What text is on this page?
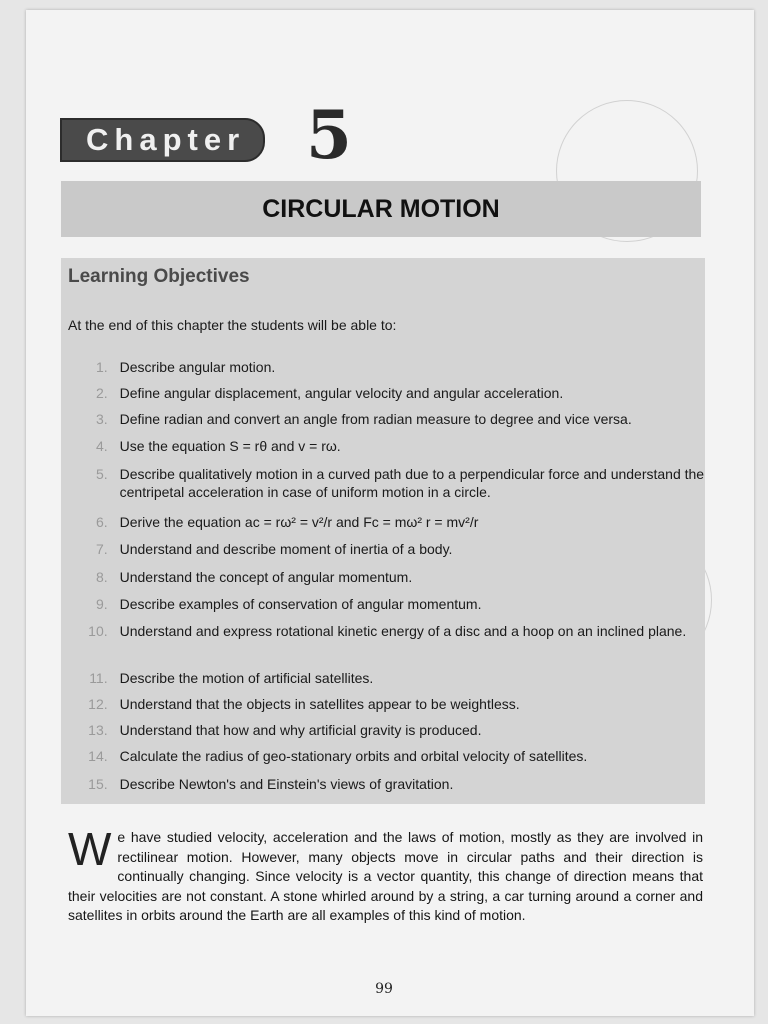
Chapter 5
CIRCULAR MOTION
Learning Objectives
At the end of this chapter the students will be able to:
1. Describe angular motion.
2. Define angular displacement, angular velocity and angular acceleration.
3. Define radian and convert an angle from radian measure to degree and vice versa.
4. Use the equation S = rθ and v = rω.
5. Describe qualitatively motion in a curved path due to a perpendicular force and understand the centripetal acceleration in case of uniform motion in a circle.
6. Derive the equation ac = rω² = v²/r and Fc = mω² r = mv²/r
7. Understand and describe moment of inertia of a body.
8. Understand the concept of angular momentum.
9. Describe examples of conservation of angular momentum.
10. Understand and express rotational kinetic energy of a disc and a hoop on an inclined plane.
11. Describe the motion of artificial satellites.
12. Understand that the objects in satellites appear to be weightless.
13. Understand that how and why artificial gravity is produced.
14. Calculate the radius of geo-stationary orbits and orbital velocity of satellites.
15. Describe Newton's and Einstein's views of gravitation.
We have studied velocity, acceleration and the laws of motion, mostly as they are involved in rectilinear motion. However, many objects move in circular paths and their direction is continually changing. Since velocity is a vector quantity, this change of direction means that their velocities are not constant. A stone whirled around by a string, a car turning around a corner and satellites in orbits around the Earth are all examples of this kind of motion.
99
